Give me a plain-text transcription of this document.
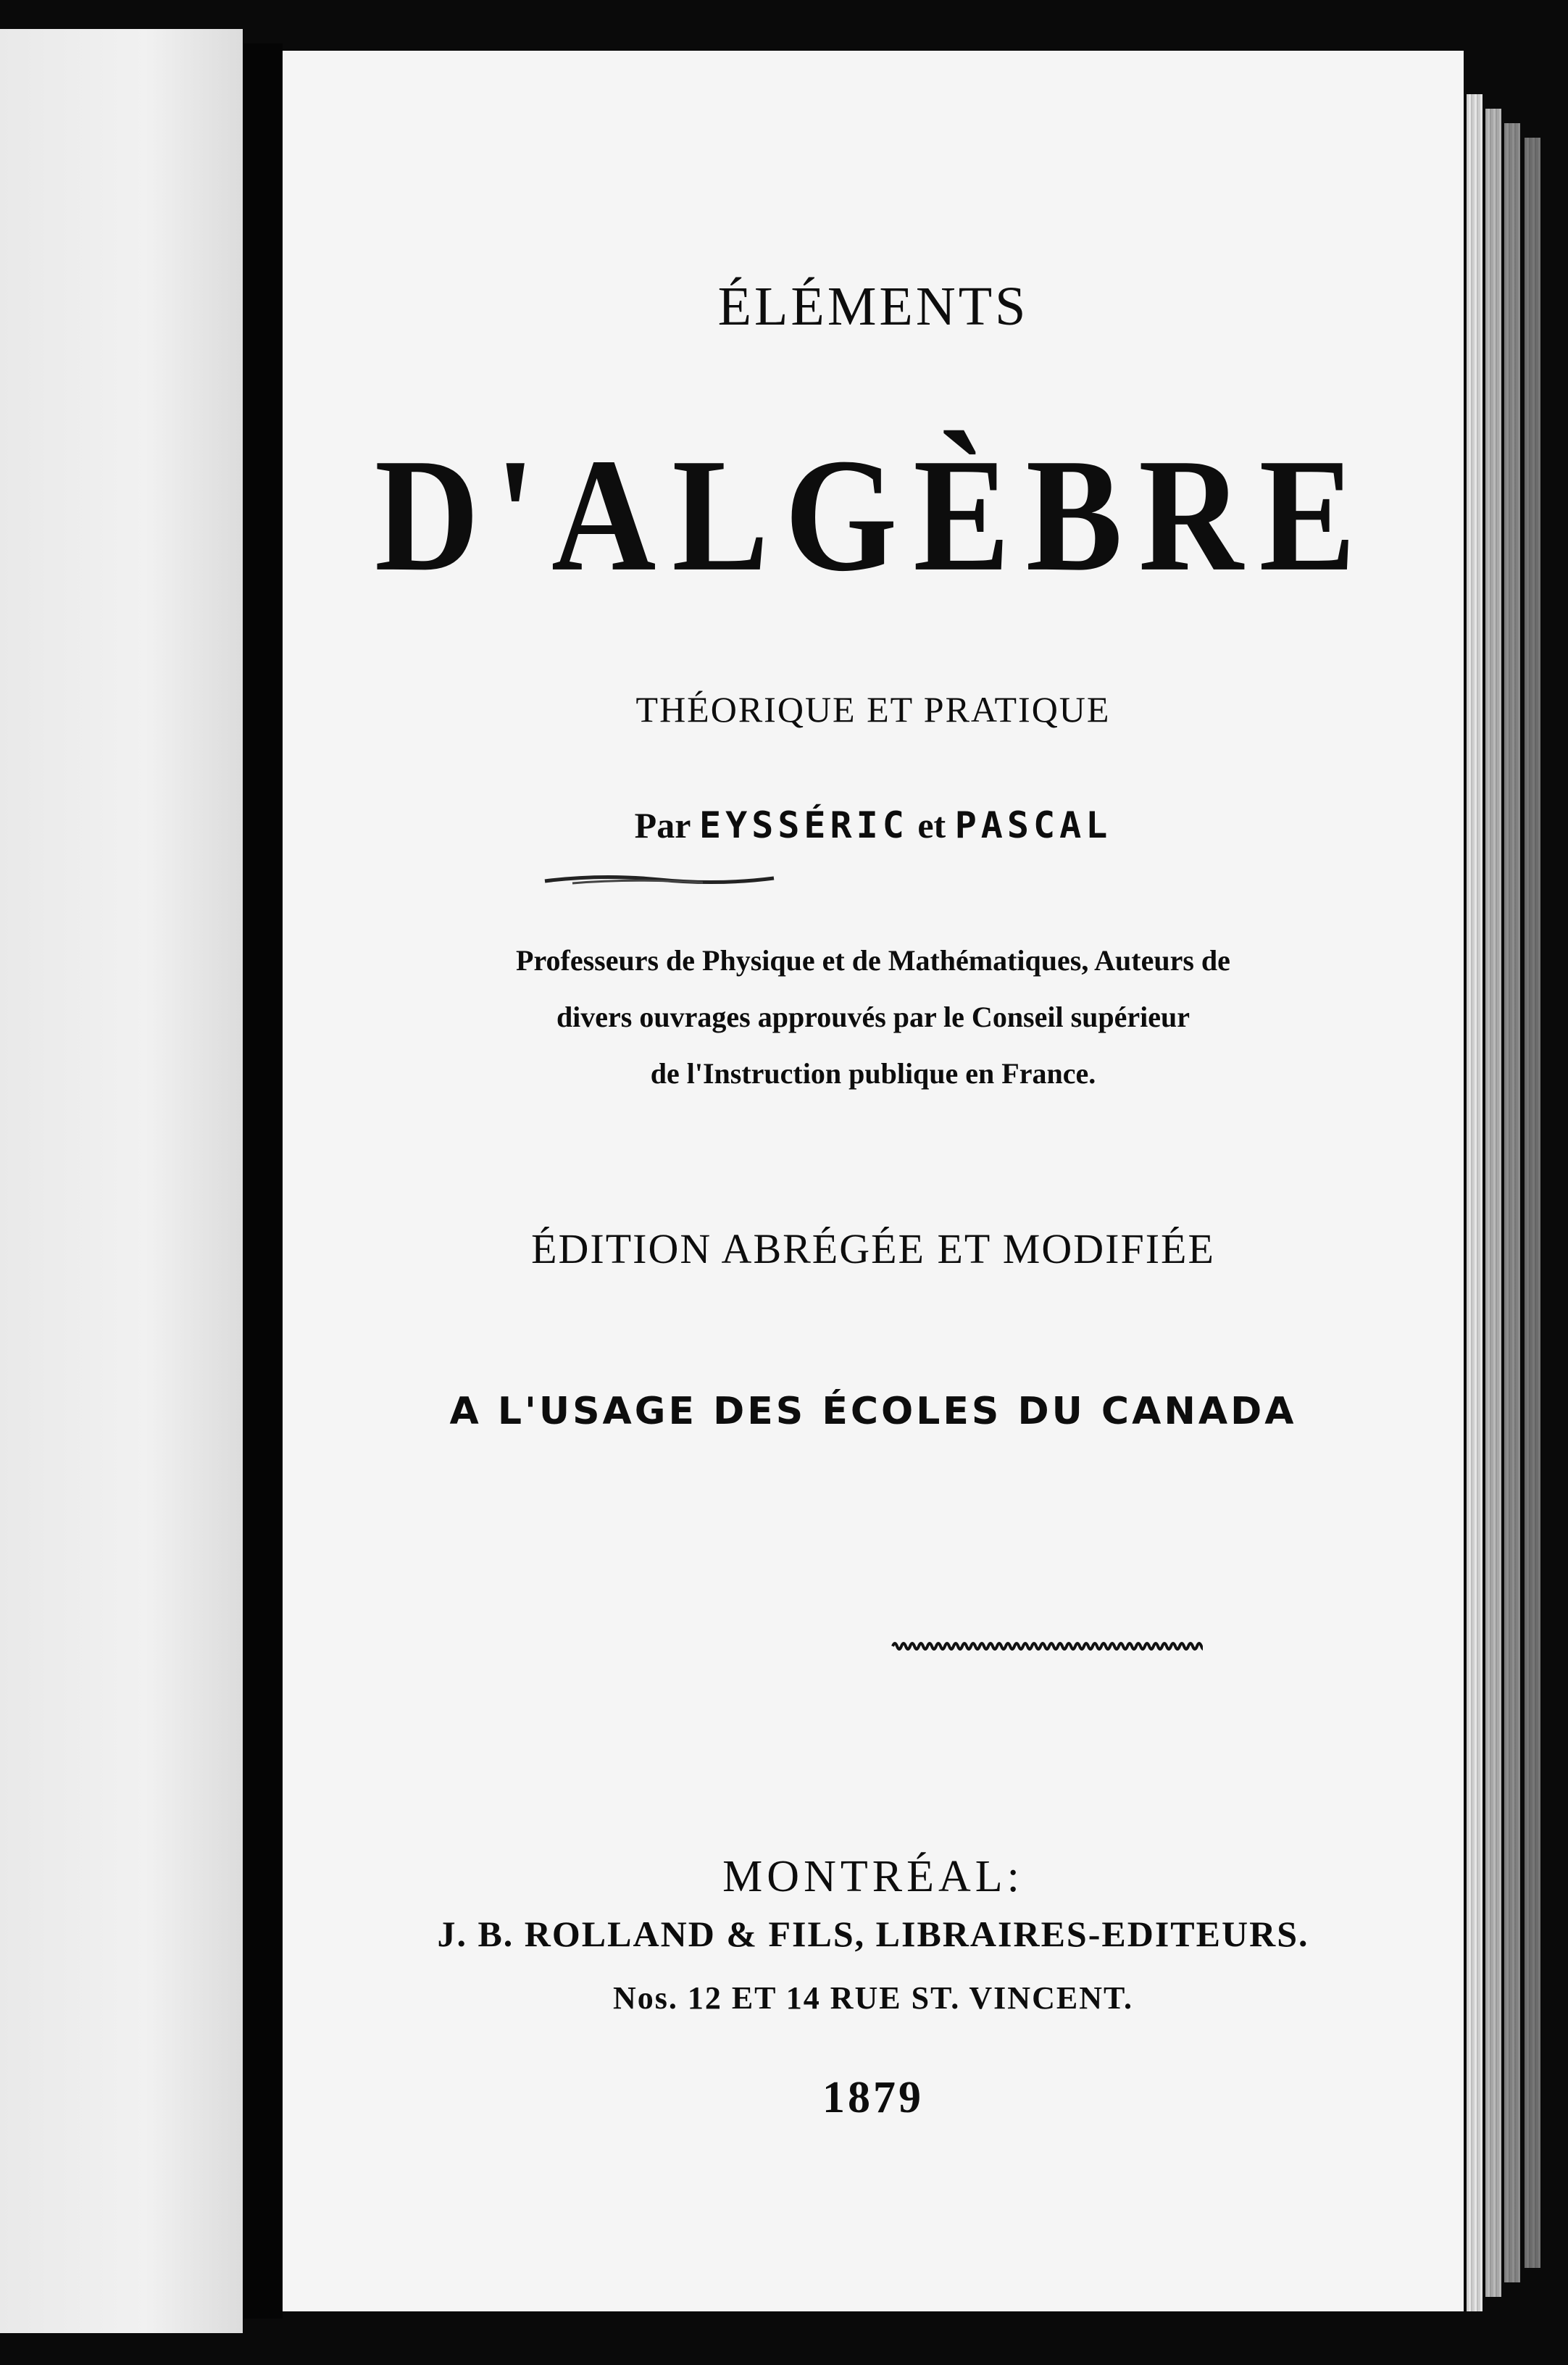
ÉLÉMENTS
D'ALGÈBRE
THÉORIQUE ET PRATIQUE
Par EYSSÉRIC et PASCAL
Professeurs de Physique et de Mathématiques, Auteurs de
divers ouvrages approuvés par le Conseil supérieur
de l'Instruction publique en France.
ÉDITION ABRÉGÉE ET MODIFIÉE
A L'USAGE DES ÉCOLES DU CANADA
MONTRÉAL:
J. B. ROLLAND & FILS, LIBRAIRES-EDITEURS.
Nos. 12 ET 14 RUE ST. VINCENT.
1879
